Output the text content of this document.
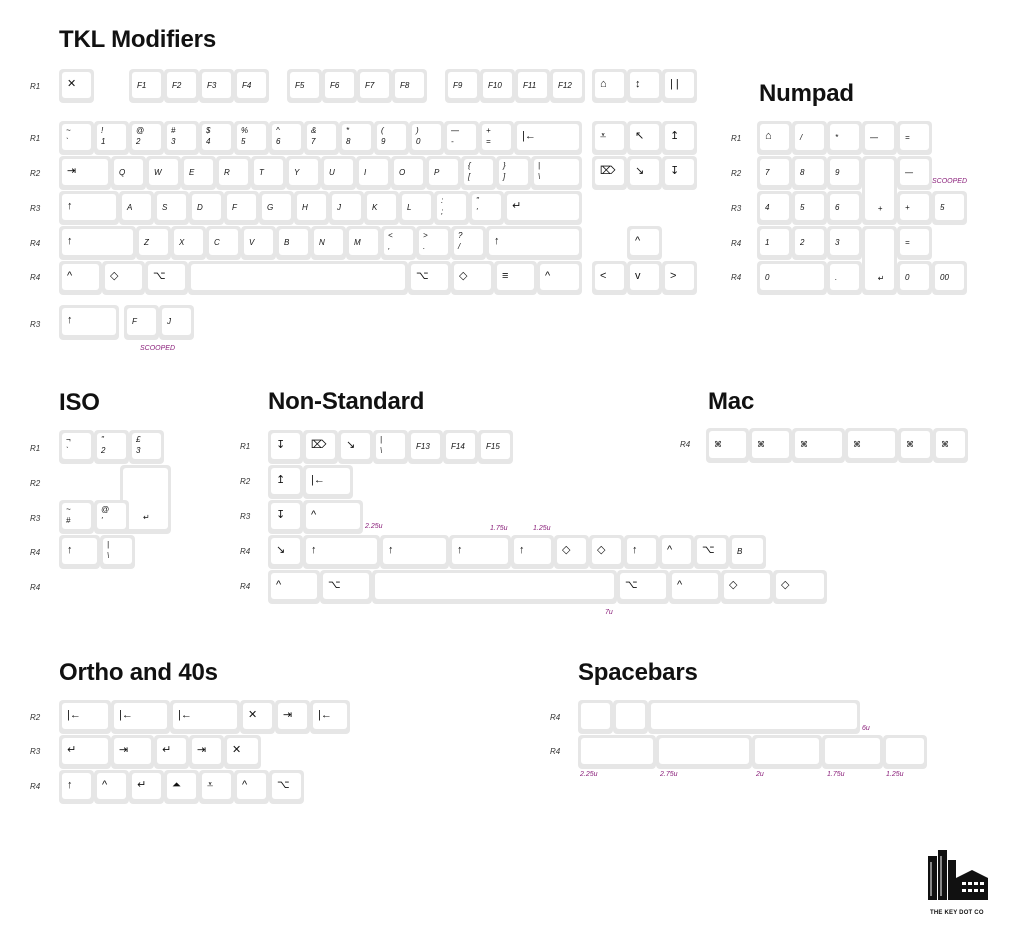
TKL Modifiers
Numpad
ISO	Non-Standard	Mac
Ortho and 40s	Spacebars
R1
R1
R2
R3
R4
R4
R3
R1
R2
R3
R4
R4
R1
R2
R3
R4
R4
R1
R2
R3
R4
R4
R4
R2
R3
R4
R4
R4
✕	F1	F2	F3	F4	F5	F6	F7	F8	F9	F10	F11	F12	⌂	↕	| |
~
`
!
1
@
2
#
3
$
4
%
5
^
6
&
7
*
8
(
9
)
0
—
-
+
=	|←	⩡	↖ ↥
⇥	Q	W	E	R	T	Y	U	I	O	P
{
[
}
]
|
\	⌦ ↘ ↧
↑	A	S	D	F	G	H	J	K	L
:
;
"
'	↵
↑	Z	X	C	V	B	N	M
<
,
>
.
?
/	↑	^
^	◇	⌥	⌥	◇	≡	^	<	v	>
↑	F	J
⌂	/	*	—	=
7	8	9
+
—
4	5	6	+	5
1	2	3
↵
=
0	.	0	00
¬
`
"
2
£
3
↵
~
#
@
'
↑	|
\
↧ ⌦ ↘	|
\	F13	F14	F15
↥ |←
↧ ^
↘ ↑	↑	↑	↑	◇ ◇ ↑	^	⌥	B
^	⌥	⌥	^	◇	◇
⌘	⌘	⌘	⌘	⌘	⌘
|←	|←	|←	✕ ⇥ |←
↵	⇥	↵ ⇥ ✕
↑	^	↵ ⏶ ⩡	^	⌥
SCOOPED
SCOOPED
2.25u	1.75u	1.25u
7u
6u
2.25u	2.75u	2u	1.75u	1.25u
THE KEY DOT CO
